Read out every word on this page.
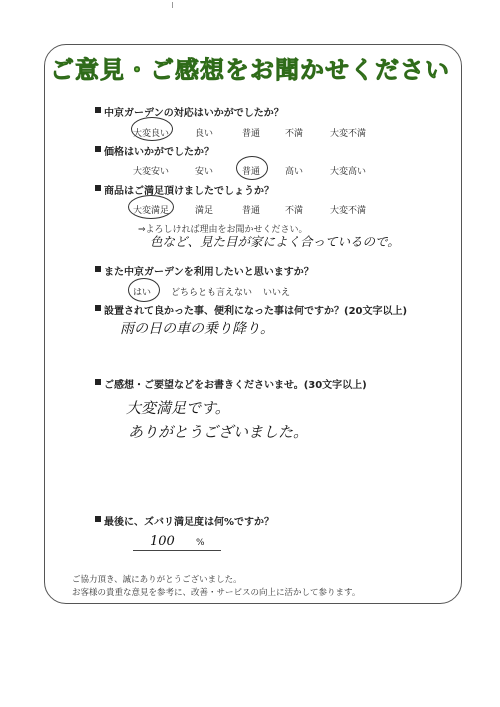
ご意見・ご感想をお聞かせください
中京ガーデンの対応はいかがでしたか？
大変良い	良い	普通	不満	大変不満
価格はいかがでしたか？
大変安い	安い	普通	高い	大変高い
商品はご満足頂けましたでしょうか？
大変満足	満足	普通	不満	大変不満
⇒よろしければ理由をお聞かせください。
色など、見た目が家によく合っているので。
また中京ガーデンを利用したいと思いますか？
はい どちらとも言えない いいえ
設置されて良かった事、便利になった事は何ですか？(20文字以上)
雨の日の車の乗り降り。
ご感想・ご要望などをお書きくださいませ。(30文字以上)
大変満足です。
ありがとうございました。
最後に、ズバリ満足度は何%ですか？
100 %
ご協力頂き、誠にありがとうございました。
お客様の貴重な意見を参考に、改善・サービスの向上に活かして参ります。
